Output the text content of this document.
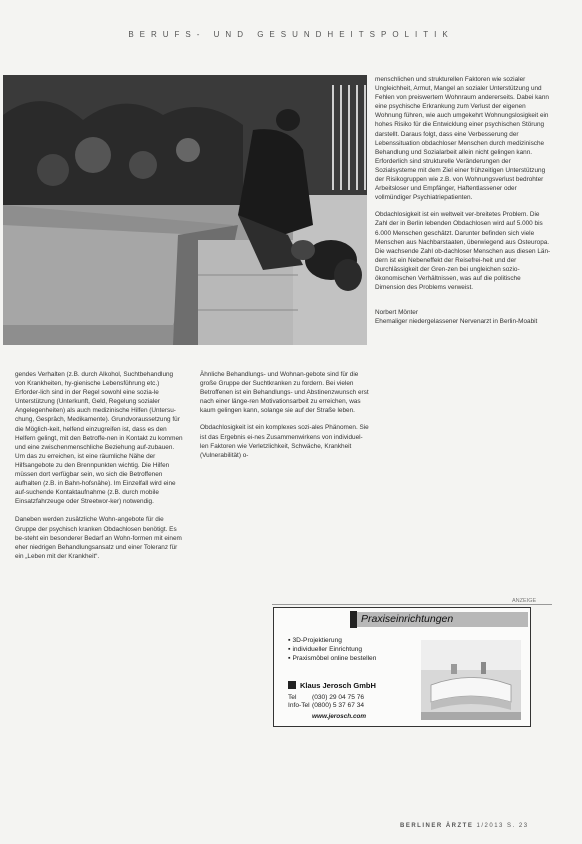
BERUFS- UND GESUNDHEITSPOLITIK

gendes Verhalten (z.B. durch Alkohol, Suchtbehandlung von Krankheiten, hy-gienische Lebensführung etc.) Erforder-lich sind in der Regel sowohl eine sozia-le Unterstützung (Unterkunft, Geld, Regelung sozialer Angelegenheiten) als auch medizinische Hilfen (Untersu-chung, Gespräch, Medikamente). Grundvoraussetzung für die Möglich-keit, helfend einzugreifen ist, dass es den Helfern gelingt, mit den Betroffe-nen in Kontakt zu kommen und eine zwischenmenschliche Beziehung auf-zubauen. Um das zu erreichen, ist eine räumliche Nähe der Hilfsangebote zu den Brennpunkten wichtig. Die Hilfen müssen dort verfügbar sein, wo sich die Betroffenen aufhalten (z.B. in Bahn-hofsnähe). Im Einzelfall wird eine auf-suchende Kontaktaufnahme (z.B. durch mobile Einsatzfahrzeuge oder Streetwor-ker) notwendig.

Daneben werden zusätzliche Wohn-angebote für die Gruppe der psychisch kranken Obdachlosen benötigt. Es be-steht ein besonderer Bedarf an Wohn-formen mit einem eher niedrigen Behandlungsansatz und einer Toleranz für ein „Leben mit der Krankheit“.

Ähnliche Behandlungs- und Wohnan-gebote sind für die große Gruppe der Suchtkranken zu fordern. Bei vielen Betroffenen ist ein Behandlungs- und Abstinenzwunsch erst nach einer länge-ren Motivationsarbeit zu erreichen, was kaum gelingen kann, solange sie auf der Straße leben.

Obdachlosigkeit ist ein komplexes sozi-ales Phänomen. Sie ist das Ergebnis ei-nes Zusammenwirkens von individuel-len Faktoren wie Verletzlichkeit, Schwäche, Krankheit (Vulnerabilität) o-

menschlichen und strukturellen Faktoren wie sozialer Ungleichheit, Armut, Mangel an sozialer Unterstützung und Fehlen von preiswertem Wohnraum andererseits. Dabei kann eine psychische Erkrankung zum Verlust der eigenen Wohnung führen, wie auch umgekehrt Wohnungslosigkeit ein hohes Risiko für die Entwicklung einer psychischen Störung darstellt. Daraus folgt, dass eine Verbesserung der Lebenssituation obdachloser Menschen durch medizinische Behandlung und Sozialarbeit allein nicht gelingen kann. Erforderlich sind strukturelle Veränderungen der Sozialsysteme mit dem Ziel einer frühzeitigen Unterstützung der Risikogruppen wie z.B. von Wohnungsverlust bedrohter Arbeitsloser und Empfänger, Haftentlassener oder vollmündiger Psychiatriepatienten.

Obdachlosigkeit ist ein weltweit ver-breitetes Problem. Die Zahl der in Berlin lebenden Obdachlosen wird auf 5.000 bis 6.000 Menschen geschätzt. Darunter befinden sich viele Menschen aus Nachbarstaaten, überwiegend aus Osteuropa. Die wachsende Zahl ob-dachloser Menschen aus diesen Län-dern ist ein Nebeneffekt der Reisefrei-heit und der Durchlässigkeit der Gren-zen bei ungleichen sozio-ökonomischen Verhältnissen, was auf die politische Dimension des Problems verweist.

Norbert Mönter
Ehemaliger niedergelassener Nervenarzt in Berlin-Moabit
ANZEIGE
Praxiseinrichtungen
▪ 3D-Projektierung
▪ individueller Einrichtung
▪ Praxismöbel online bestellen
Klaus Jerosch GmbH
Tel (030) 29 04 75 76
Info-Tel (0800) 5 37 67 34
www.jerosch.com
BERLINER ÄRZTE 1/2013 S. 23
